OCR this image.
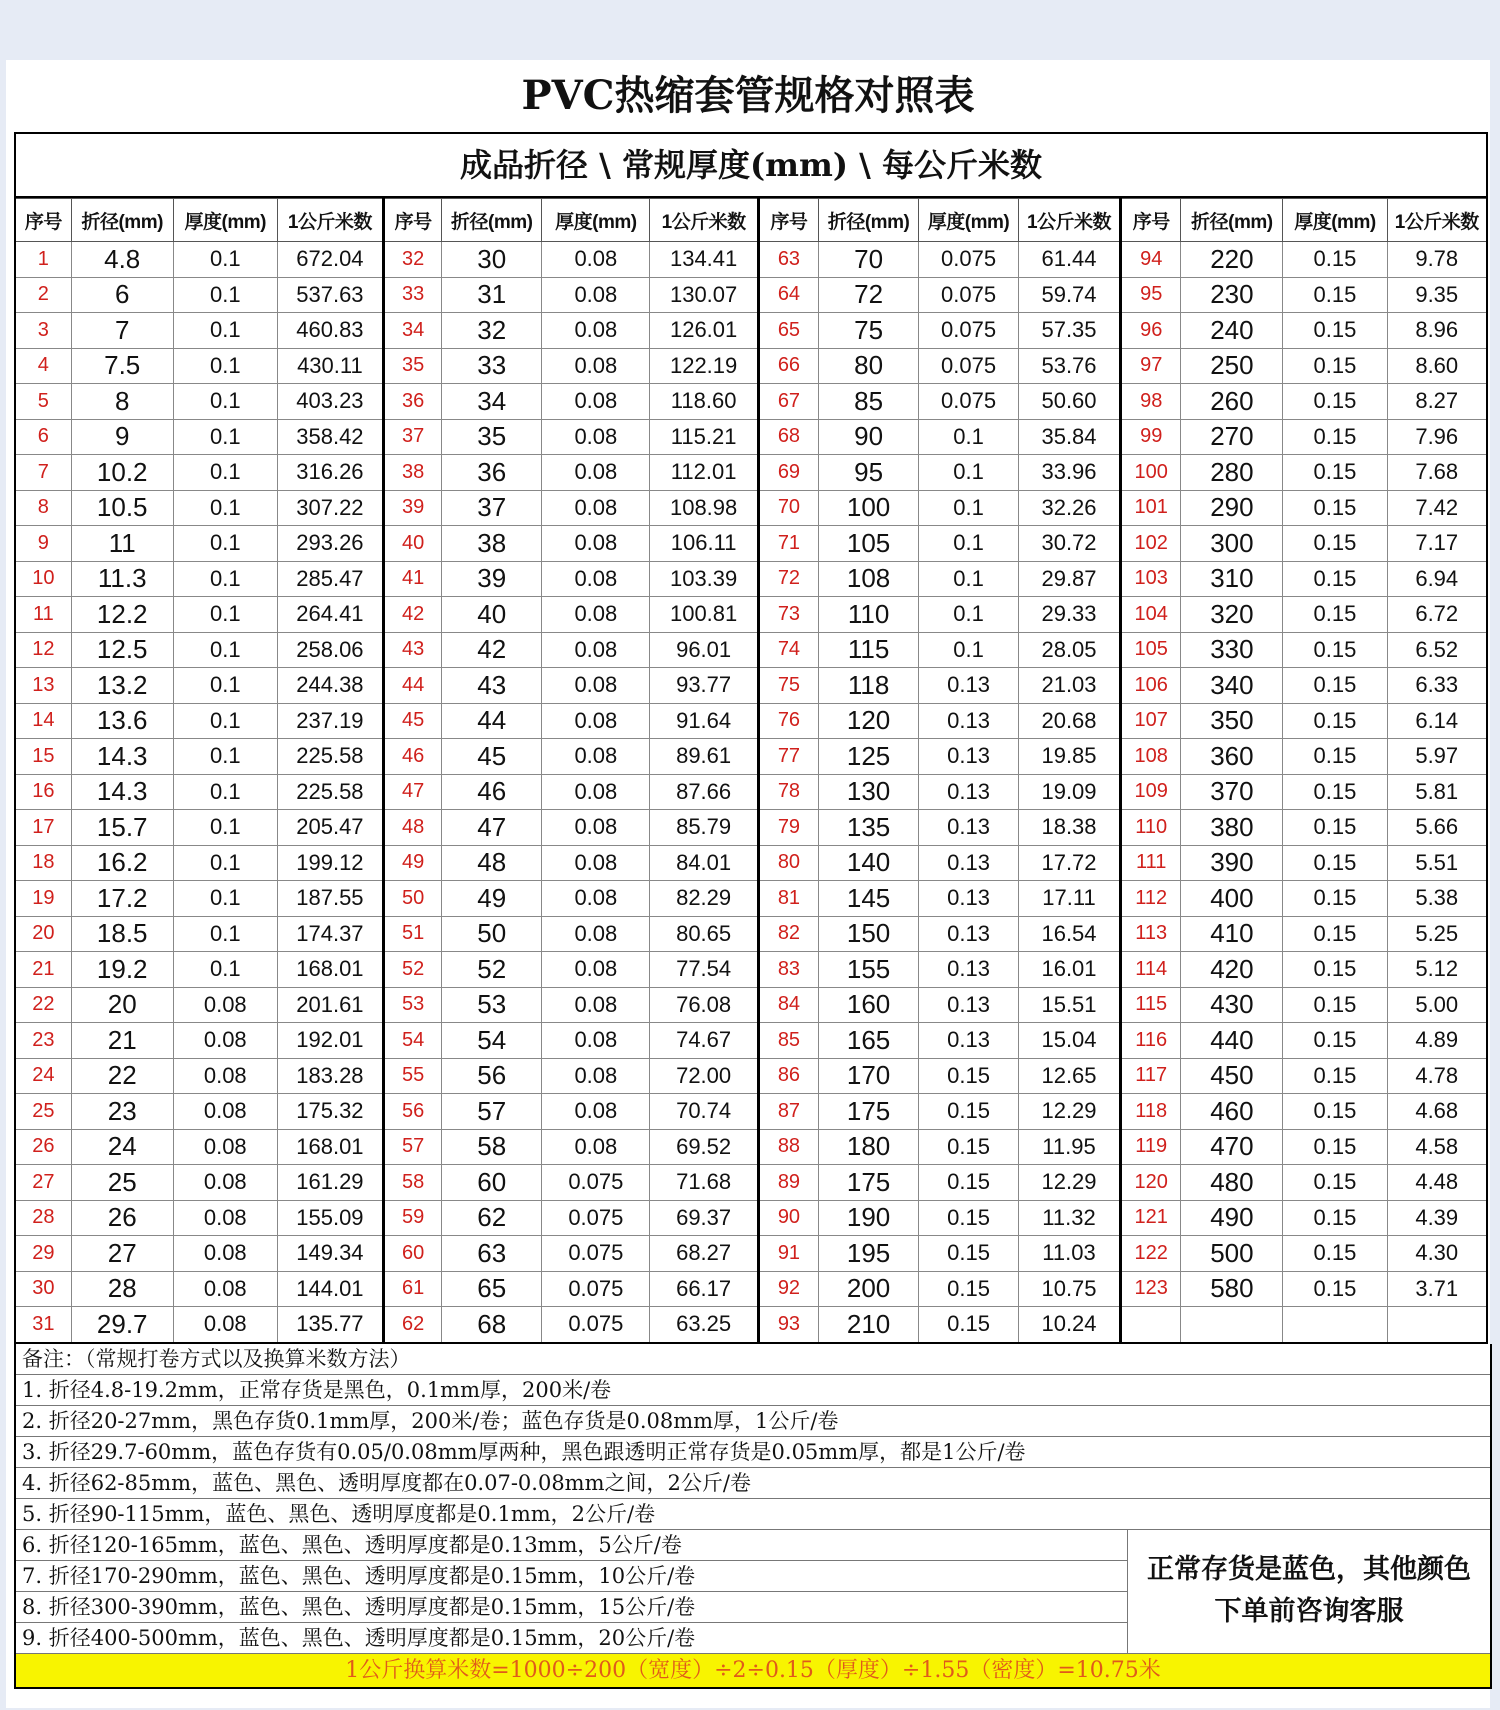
PVC热缩套管规格对照表
成品折径 \ 常规厚度(mm) \ 每公斤米数
序号	折径(mm)	厚度(mm)	1公斤米数	序号	折径(mm)	厚度(mm)	1公斤米数	序号	折径(mm)	厚度(mm)	1公斤米数	序号	折径(mm)	厚度(mm)	1公斤米数
1	4.8	0.1	672.04	32	30	0.08	134.41	63	70	0.075	61.44	94	220	0.15	9.78
2	6	0.1	537.63	33	31	0.08	130.07	64	72	0.075	59.74	95	230	0.15	9.35
3	7	0.1	460.83	34	32	0.08	126.01	65	75	0.075	57.35	96	240	0.15	8.96
4	7.5	0.1	430.11	35	33	0.08	122.19	66	80	0.075	53.76	97	250	0.15	8.60
5	8	0.1	403.23	36	34	0.08	118.60	67	85	0.075	50.60	98	260	0.15	8.27
6	9	0.1	358.42	37	35	0.08	115.21	68	90	0.1	35.84	99	270	0.15	7.96
7	10.2	0.1	316.26	38	36	0.08	112.01	69	95	0.1	33.96	100	280	0.15	7.68
8	10.5	0.1	307.22	39	37	0.08	108.98	70	100	0.1	32.26	101	290	0.15	7.42
9	11	0.1	293.26	40	38	0.08	106.11	71	105	0.1	30.72	102	300	0.15	7.17
10	11.3	0.1	285.47	41	39	0.08	103.39	72	108	0.1	29.87	103	310	0.15	6.94
11	12.2	0.1	264.41	42	40	0.08	100.81	73	110	0.1	29.33	104	320	0.15	6.72
12	12.5	0.1	258.06	43	42	0.08	96.01	74	115	0.1	28.05	105	330	0.15	6.52
13	13.2	0.1	244.38	44	43	0.08	93.77	75	118	0.13	21.03	106	340	0.15	6.33
14	13.6	0.1	237.19	45	44	0.08	91.64	76	120	0.13	20.68	107	350	0.15	6.14
15	14.3	0.1	225.58	46	45	0.08	89.61	77	125	0.13	19.85	108	360	0.15	5.97
16	14.3	0.1	225.58	47	46	0.08	87.66	78	130	0.13	19.09	109	370	0.15	5.81
17	15.7	0.1	205.47	48	47	0.08	85.79	79	135	0.13	18.38	110	380	0.15	5.66
18	16.2	0.1	199.12	49	48	0.08	84.01	80	140	0.13	17.72	111	390	0.15	5.51
19	17.2	0.1	187.55	50	49	0.08	82.29	81	145	0.13	17.11	112	400	0.15	5.38
20	18.5	0.1	174.37	51	50	0.08	80.65	82	150	0.13	16.54	113	410	0.15	5.25
21	19.2	0.1	168.01	52	52	0.08	77.54	83	155	0.13	16.01	114	420	0.15	5.12
22	20	0.08	201.61	53	53	0.08	76.08	84	160	0.13	15.51	115	430	0.15	5.00
23	21	0.08	192.01	54	54	0.08	74.67	85	165	0.13	15.04	116	440	0.15	4.89
24	22	0.08	183.28	55	56	0.08	72.00	86	170	0.15	12.65	117	450	0.15	4.78
25	23	0.08	175.32	56	57	0.08	70.74	87	175	0.15	12.29	118	460	0.15	4.68
26	24	0.08	168.01	57	58	0.08	69.52	88	180	0.15	11.95	119	470	0.15	4.58
27	25	0.08	161.29	58	60	0.075	71.68	89	175	0.15	12.29	120	480	0.15	4.48
28	26	0.08	155.09	59	62	0.075	69.37	90	190	0.15	11.32	121	490	0.15	4.39
29	27	0.08	149.34	60	63	0.075	68.27	91	195	0.15	11.03	122	500	0.15	4.30
30	28	0.08	144.01	61	65	0.075	66.17	92	200	0.15	10.75	123	580	0.15	3.71
31	29.7	0.08	135.77	62	68	0.075	63.25	93	210	0.15	10.24				
备注：（常规打卷方式以及换算米数方法）
1. 折径4.8-19.2mm，正常存货是黑色，0.1mm厚，200米/卷
2. 折径20-27mm，黑色存货0.1mm厚，200米/卷；蓝色存货是0.08mm厚，1公斤/卷
3. 折径29.7-60mm，蓝色存货有0.05/0.08mm厚两种，黑色跟透明正常存货是0.05mm厚，都是1公斤/卷
4. 折径62-85mm，蓝色、黑色、透明厚度都在0.07-0.08mm之间，2公斤/卷
5. 折径90-115mm，蓝色、黑色、透明厚度都是0.1mm，2公斤/卷
6. 折径120-165mm，蓝色、黑色、透明厚度都是0.13mm，5公斤/卷
7. 折径170-290mm，蓝色、黑色、透明厚度都是0.15mm，10公斤/卷
8. 折径300-390mm，蓝色、黑色、透明厚度都是0.15mm，15公斤/卷
9. 折径400-500mm，蓝色、黑色、透明厚度都是0.15mm，20公斤/卷
正常存货是蓝色，其他颜色下单前咨询客服
1公斤换算米数=1000÷200（宽度）÷2÷0.15（厚度）÷1.55（密度）=10.75米
